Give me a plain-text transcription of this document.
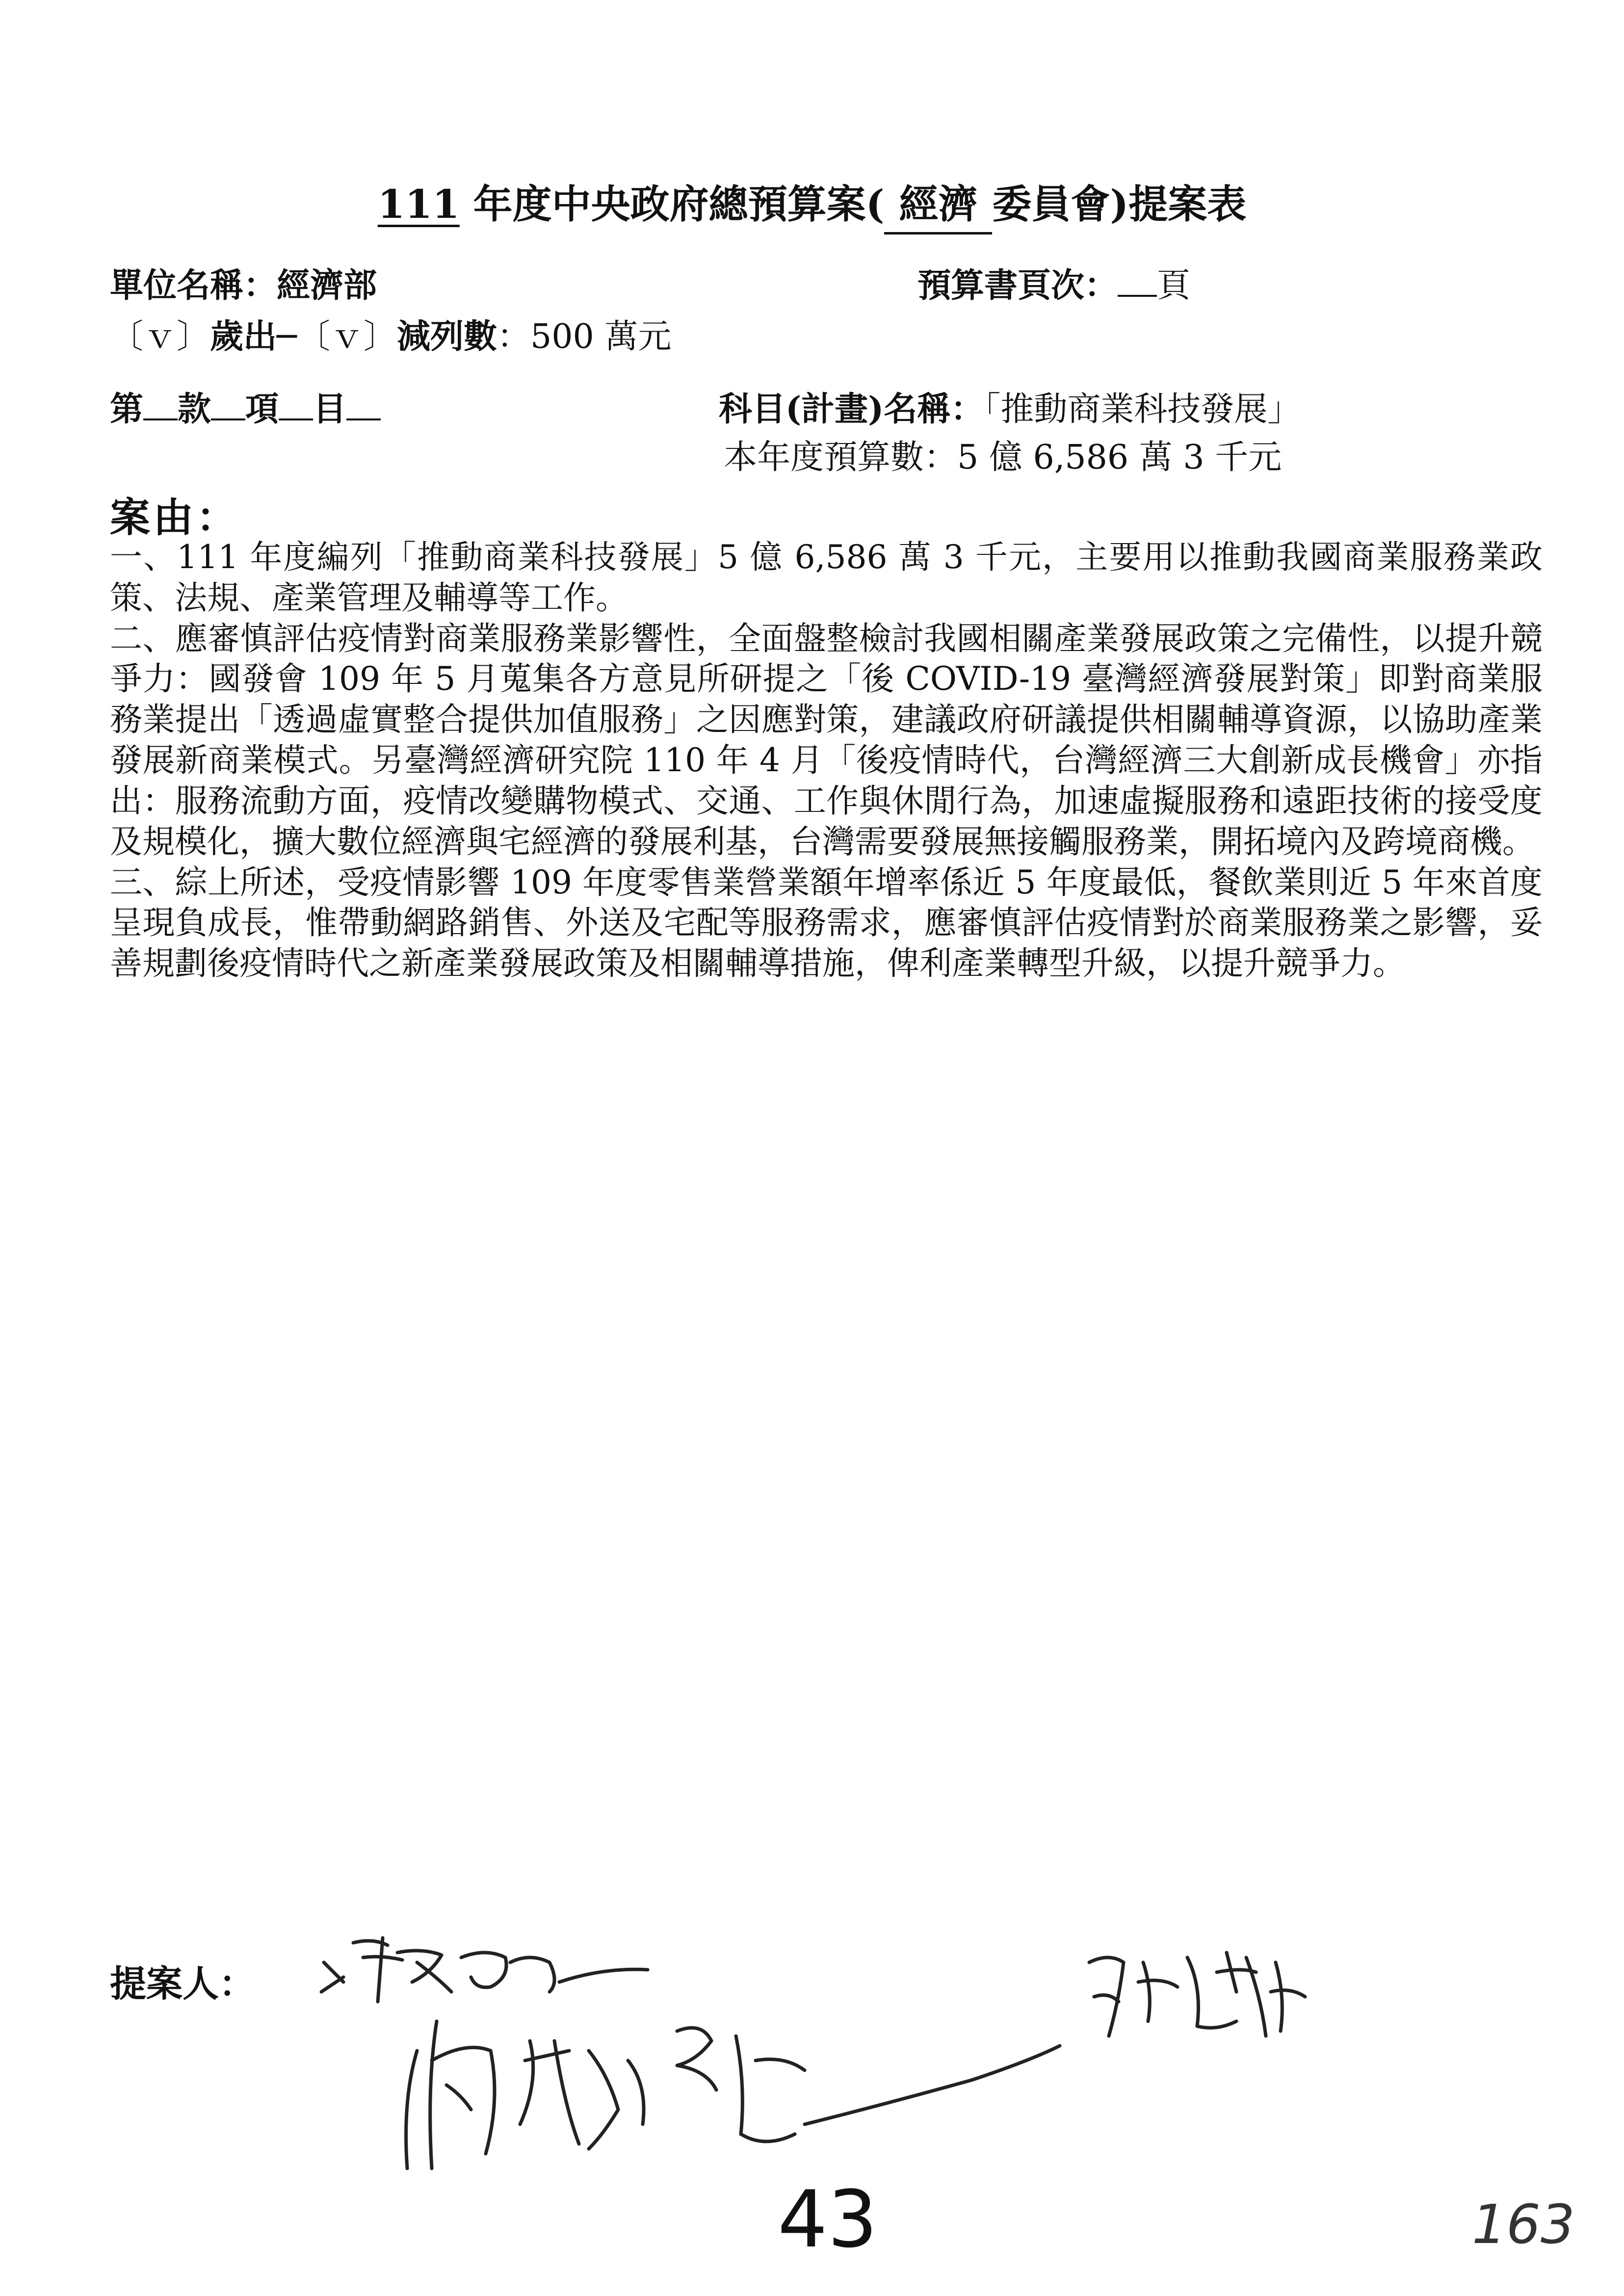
111 年度中央政府總預算案( 經濟 委員會)提案表
單位名稱：經濟部	預算書頁次： 頁
〔ｖ〕歲出─〔ｖ〕減列數：500 萬元
第 款 項 目	科目(計畫)名稱：「推動商業科技發展」
本年度預算數：5 億 6,586 萬 3 千元
案由：

一、111 年度編列「推動商業科技發展」5 億 6,586 萬 3 千元，主要用以推動我國商業服務業政策、法規、產業管理及輔導等工作。

二、應審慎評估疫情對商業服務業影響性，全面盤整檢討我國相關產業發展政策之完備性，以提升競爭力：國發會 109 年 5 月蒐集各方意見所研提之「後 COVID-19 臺灣經濟發展對策」即對商業服務業提出「透過虛實整合提供加值服務」之因應對策，建議政府研議提供相關輔導資源，以協助產業發展新商業模式。另臺灣經濟研究院 110 年 4 月「後疫情時代，台灣經濟三大創新成長機會」亦指出：服務流動方面，疫情改變購物模式、交通、工作與休閒行為，加速虛擬服務和遠距技術的接受度及規模化，擴大數位經濟與宅經濟的發展利基，台灣需要發展無接觸服務業，開拓境內及跨境商機。

三、綜上所述，受疫情影響 109 年度零售業營業額年增率係近 5 年度最低，餐飲業則近 5 年來首度呈現負成長，惟帶動網路銷售、外送及宅配等服務需求，應審慎評估疫情對於商業服務業之影響，妥善規劃後疫情時代之新產業發展政策及相關輔導措施，俾利產業轉型升級，以提升競爭力。

提案人：
43	163
